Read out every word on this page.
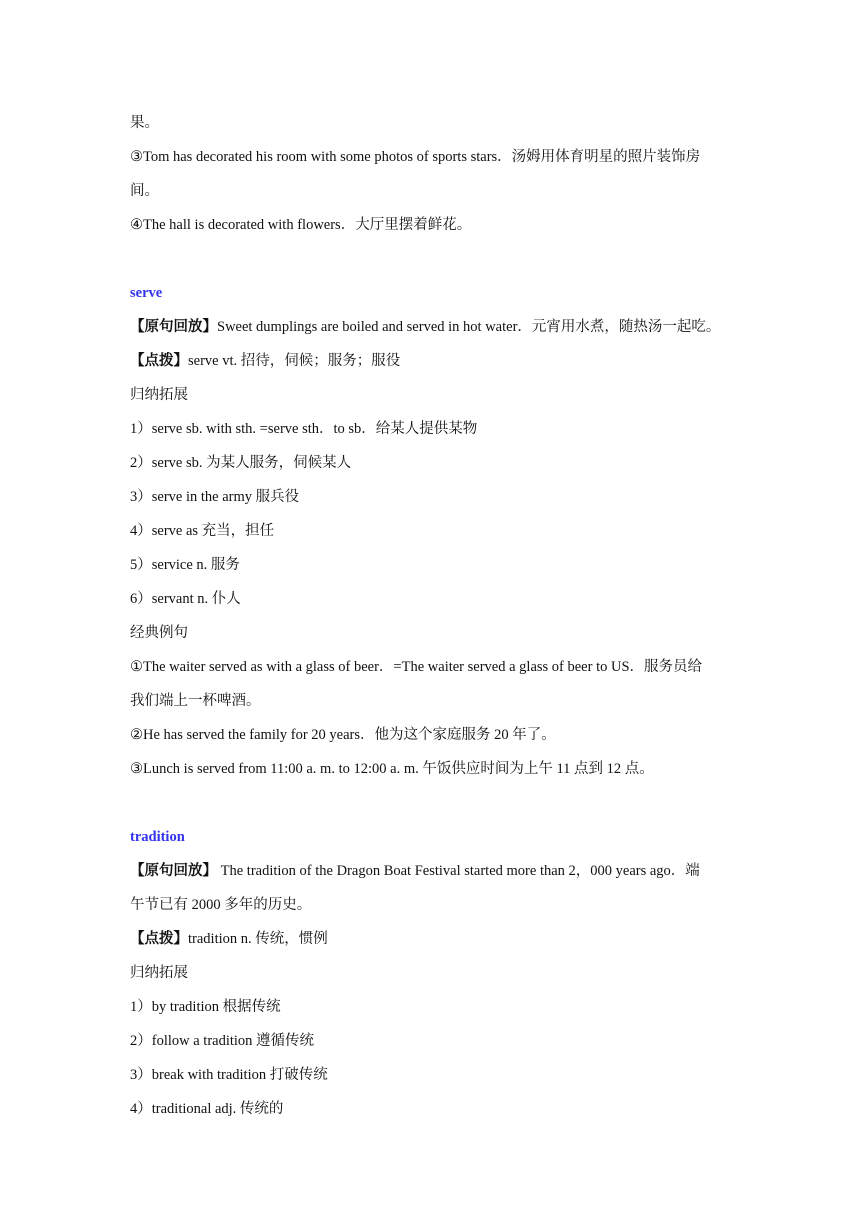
果。
③Tom has decorated his room with some photos of sports stars．汤姆用体育明星的照片装饰房
间。
④The hall is decorated with flowers．大厅里摆着鲜花。
serve
【原句回放】Sweet dumplings are boiled and served in hot water．元宵用水煮，随热汤一起吃。
【点拨】serve vt. 招待，伺候；服务；服役
归纳拓展
1）serve sb. with sth. =serve sth．to sb．给某人提供某物
2）serve sb. 为某人服务，伺候某人
3）serve in the army 服兵役
4）serve as 充当，担任
5）service n. 服务
6）servant n. 仆人
经典例句
①The waiter served as with a glass of beer．=The waiter served a glass of beer to US．服务员给
我们端上一杯啤酒。
②He has served the family for 20 years．他为这个家庭服务 20 年了。
③Lunch is served from 11:00 a. m. to 12:00 a. m. 午饭供应时间为上午 11 点到 12 点。
tradition
【原句回放】 The tradition of the Dragon Boat Festival started more than 2，000 years ago．端
午节已有 2000 多年的历史。
【点拨】tradition n. 传统，惯例
归纳拓展
1）by tradition 根据传统
2）follow a tradition 遵循传统
3）break with tradition 打破传统
4）traditional adj. 传统的
